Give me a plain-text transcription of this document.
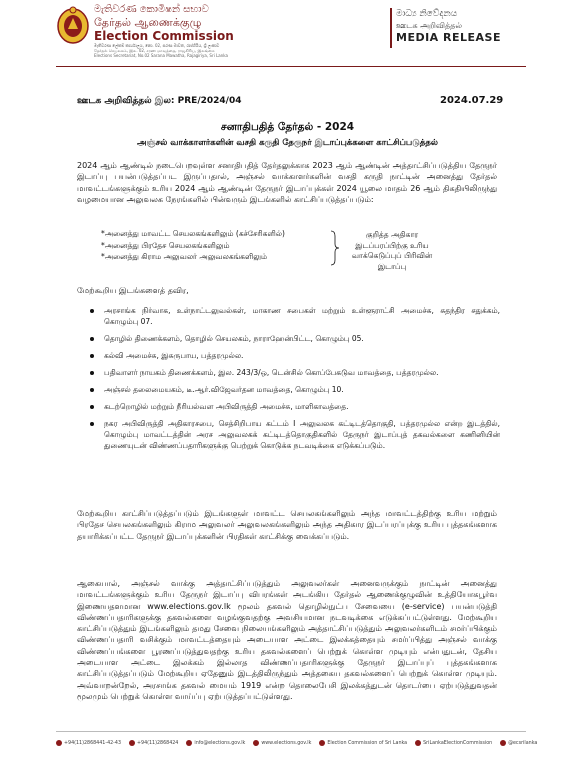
මැතිවරණ කොමිෂන් සභාව
தேர்தல் ஆணைக்குழு
Election Commission
මැතිවරණ ලේකම් කාර්යාලය, නො. 02, සරණ මාවත, රාජගිරිය, ශ්‍රී ලංකාව
தேர்தல் செயலகம், இல. 02, சரண மாவத்தை, ராஜகிரிய, இலங்கை
Elections Secretariat, No.02 Sarana Mawatha, Rajagiriya, Sri Lanka
මාධ්‍ය නිවේදනය
ஊடக அறிவித்தல்
MEDIA RELEASE
ஊடக அறிவித்தல் இல: PRE/2024/04	2024.07.29
சனாதிபதித் தேர்தல் - 2024
அஞ்சல் வாக்காளர்களின் வசதி கருதி தேருநர் இடாப்புக்களை காட்சிப்படுத்தல்
2024 ஆம் ஆண்டில் நடைபெறவுள்ள சனாதிபதித் தேர்தலுக்காக 2023 ஆம் ஆண்டின் அத்தாட்சிப்படுத்திய தேருநர் இடாப்பு பயன்படுத்தப்பட இருப்பதால், அஞ்சல் வாக்காளர்களின் வசதி கருதி நாட்டின் அனைத்து தேர்தல் மாவட்டங்களுக்கும் உரிய 2024 ஆம் ஆண்டின் தேருநர் இடாப்புக்கள் 2024 யூலை மாதம் 26 ஆம் திகதியிலிருந்து வழமையான அலுவலக நேரங்களில் பின்வரும் இடங்களில் காட்சிப்படுத்தப்படும்:
*அனைத்து மாவட்ட செயலகங்களிலும் (கச்சேரிகளில்)
*அனைத்து பிரதேச செயலகங்களிலும்
*அனைத்து கிராம அலுவலர் அலுவலகங்களிலும்
குறித்த அதிகார இடப்பரப்பிற்கு உரிய வாக்கெடுப்புப் பிரிவின் இடாப்பு
மேற்கூறிய இடங்களைத் தவிர,
அரசாங்க நிர்வாக, உள்நாட்டலுவல்கள், மாகாண சபைகள் மற்றும் உள்ளூராட்சி அமைச்சு, சுதந்திர சதுக்கம், கொழும்பு 07.
தொழில் திணைக்களம், தொழில் செயலகம், நாராஹேன்பிட்ட, கொழும்பு 05.
கல்வி அமைச்சு, இசுருபாய, பத்தரமுல்ல.
பதிவாளர் நாயகம் திணைக்களம், இல. 243/3/ஒ, டென்சில் கொப்பேகடுவ மாவத்தை, பத்தரமுல்ல.
அஞ்சல் தலைமையகம், டீ.ஆர்.விஜேவர்தன மாவத்தை, கொழும்பு 10.
கடற்றொழில் மற்றும் நீரியல்வள அபிவிருத்தி அமைச்சு, மாளிகாவத்தை.
நகர அபிவிருத்தி அதிகாரசபை, செத்சிறிபாய கட்டம் I அலுவலக கட்டிடத்தொகுதி, பத்தரமுல்ல என்ற இடத்தில், கொழும்பு மாவட்டத்தின் அரச அலுவலகக் கட்டிடத்தொகுதிகளில் தேருநர் இடாப்புத் தகவல்களை கணினியின் துணையுடன் விண்ணப்பதாரிகளுக்கு பெற்றுக் கொடுக்க நடவடிக்கை எடுக்கப்படும்.
மேற்கூறிய காட்சிப்படுத்தப்படும் இடங்களுள் மாவட்ட செயலகங்களிலும் அந்த மாவட்டத்திற்கு உரிய மற்றும் பிரதேச செயலகங்களிலும் கிராம அலுவலர் அலுவலகங்களிலும் அந்த அதிகார இடப்பரப்புக்கு உரிய புத்தகங்களாக தயாரிக்கப்பட்ட தேருநர் இடாப்புக்களின் பிரதிகள் காட்சிக்கு வைக்கப்படும்.
ஆகையால், அஞ்சல் வாக்கு அத்தாட்சிப்படுத்தும் அலுவலர்கள் அனைவருக்கும் நாட்டின் அனைத்து மாவட்டங்களுக்கும் உரிய தேருநர் இடாப்பு விபரங்கள் அடங்கிய தேர்தல் ஆணைக்குழுவின் உத்தியோகபூர்வ இணையதளமான www.elections.gov.lk மூலம் தகவல் தொழில்நுட்ப சேவையை (e-service) பயன்படுத்தி விண்ணப்பதாரிகளுக்கு தகவல்களை வழங்குவதற்கு அவசியமான நடவடிக்கை எடுக்கப்பட்டுள்ளது. மேற்கூறிய காட்சிப்படுத்தும் இடங்களிலும் தமது சேவை நிலையங்களிலும் அத்தாட்சிப்படுத்தும் அலுவலர்களிடம் சமர்ப்பிக்கும் விண்ணப்பதாரி வசிக்கும் மாவட்டத்தையும் அடையாள அட்டை இலக்கத்தையும் சமர்ப்பித்து அஞ்சல் வாக்கு விண்ணப்பங்களை பூரணப்படுத்துவதற்கு உரிய தகவல்களைப் பெற்றுக் கொள்ள முடியும் என்பதுடன், தேசிய அடையாள அட்டை இலக்கம் இல்லாத விண்ணப்பதாரிகளுக்கு தேருநர் இடாப்புப் புத்தகங்களாக காட்சிப்படுத்தப்படும் மேற்கூறிய ஏதேனும் இடத்திலிருந்தும் அத்தகைய தகவல்களைப் பெற்றுக் கொள்ள முடியும். அவ்வாறன்றேல், அரசாங்க தகவல் மையம் 1919 என்ற தொலைபேசி இலக்கத்துடன் தொடர்பை ஏற்படுத்துவதன் மூலமும் பெற்றுக் கொள்ள வாய்ப்பு ஏற்படுத்தப்பட்டுள்ளது.
+94(11)2868441-42-43	+94(11)2868424	info@elections.gov.lk	www.elections.gov.lk	Election Commission of Sri Lanka	SriLankaElectionCommission	@ecsrilanka
